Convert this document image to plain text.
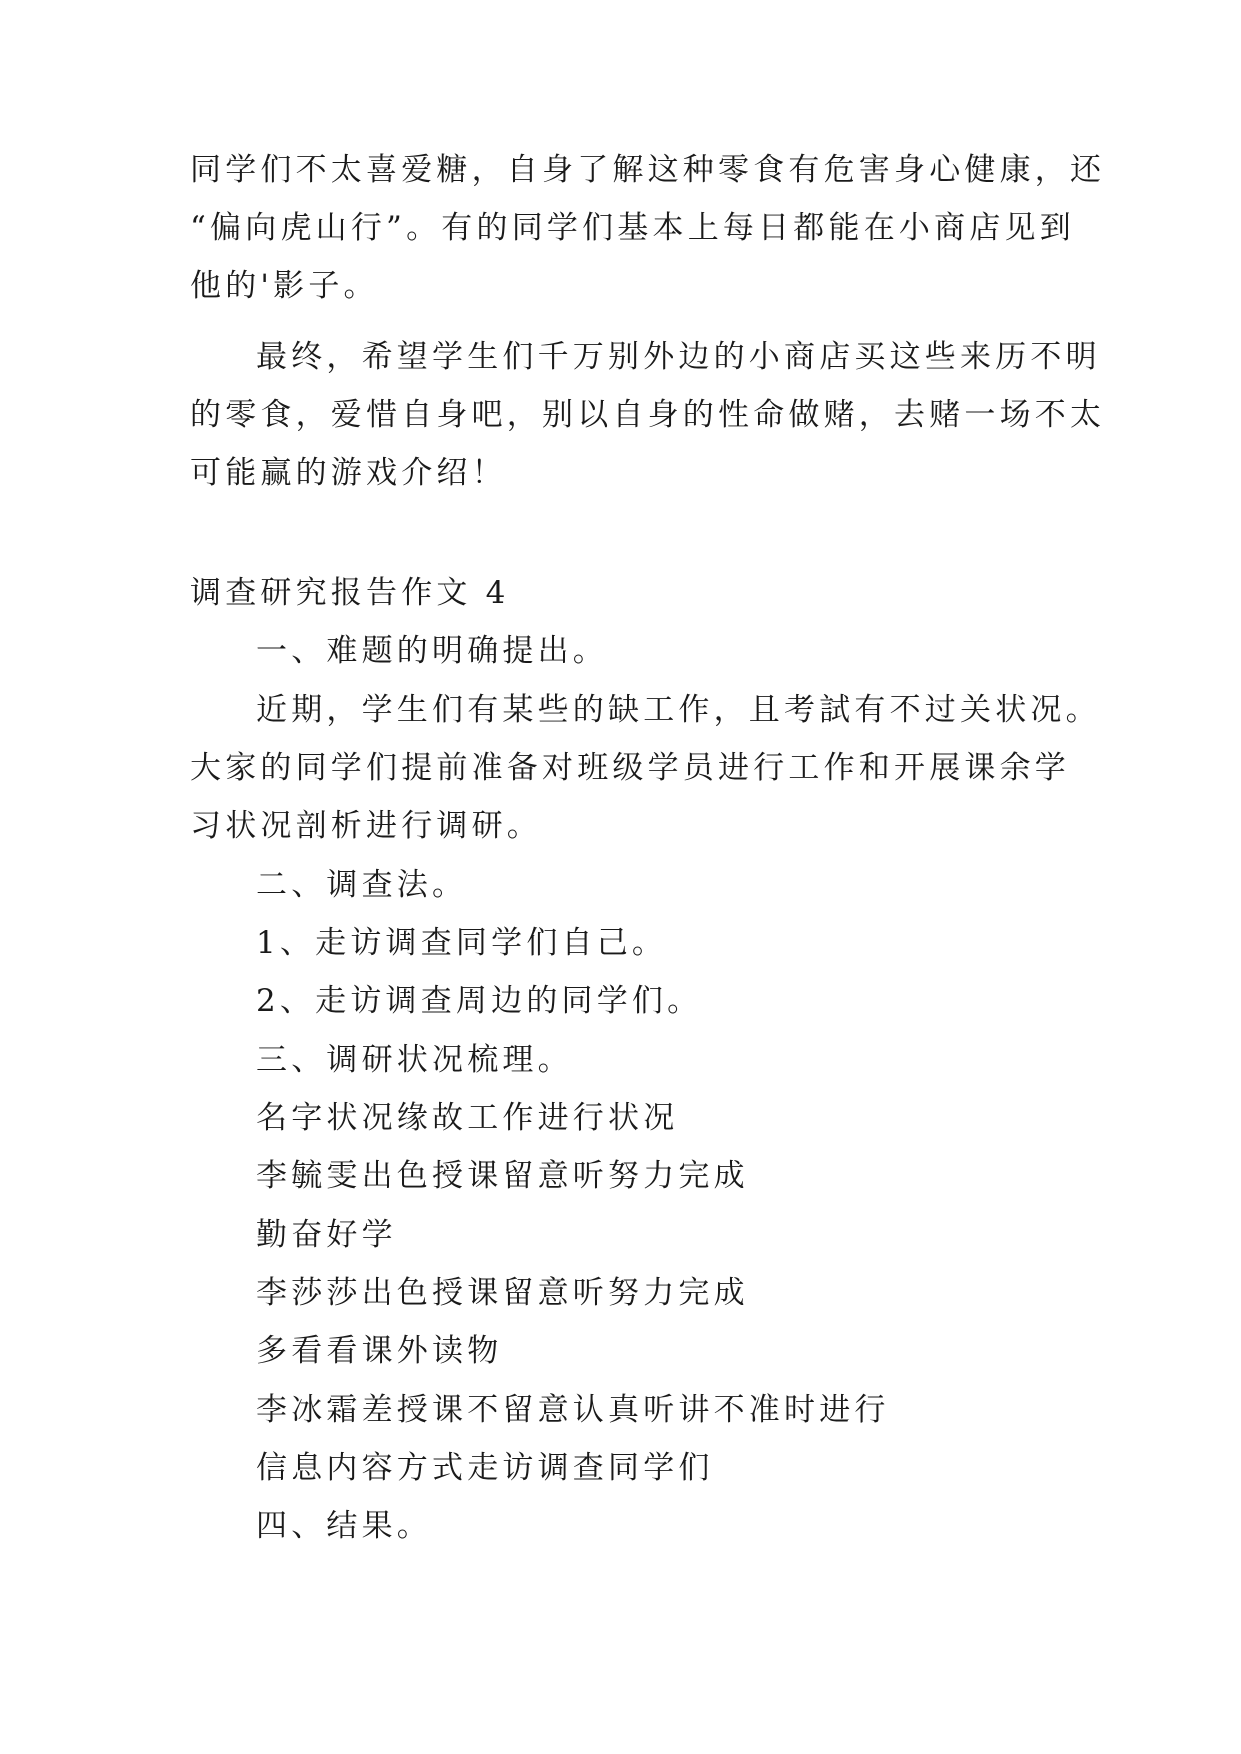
同学们不太喜爱糖，自身了解这种零食有危害身心健康，还
“偏向虎山行”。有的同学们基本上每日都能在小商店见到
他的'影子。
最终，希望学生们千万别外边的小商店买这些来历不明
的零食，爱惜自身吧，别以自身的性命做赌，去赌一场不太
可能赢的游戏介绍！
调查研究报告作文 4
一、难题的明确提出。
近期，学生们有某些的缺工作，且考試有不过关状况。
大家的同学们提前准备对班级学员进行工作和开展课余学
习状况剖析进行调研。
二、调查法。
1、走访调查同学们自己。
2、走访调查周边的同学们。
三、调研状况梳理。
名字状况缘故工作进行状况
李毓雯出色授课留意听努力完成
勤奋好学
李莎莎出色授课留意听努力完成
多看看课外读物
李冰霜差授课不留意认真听讲不准时进行
信息内容方式走访调查同学们
四、结果。
